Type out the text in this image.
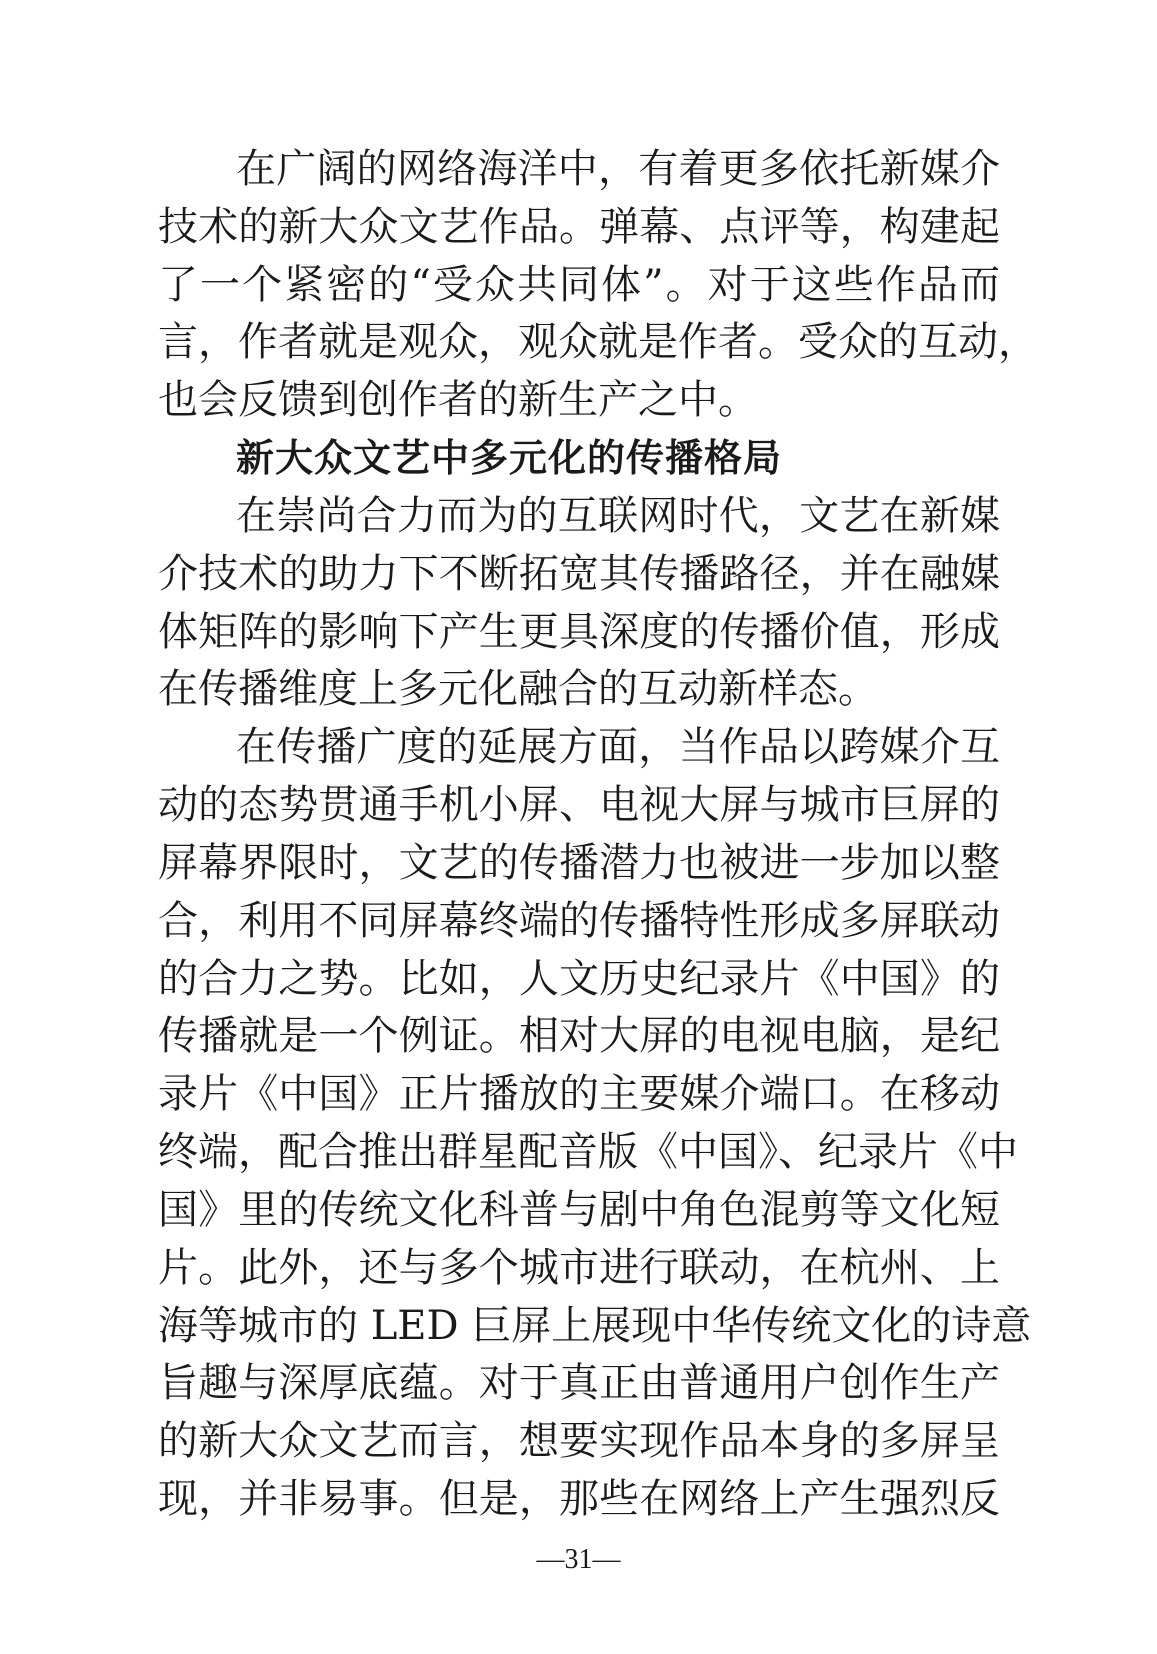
在广阔的网络海洋中，有着更多依托新媒介
技术的新大众文艺作品。弹幕、点评等，构建起
了一个紧密的“受众共同体”。对于这些作品而
言，作者就是观众，观众就是作者。受众的互动，
也会反馈到创作者的新生产之中。
新大众文艺中多元化的传播格局
在崇尚合力而为的互联网时代，文艺在新媒
介技术的助力下不断拓宽其传播路径，并在融媒
体矩阵的影响下产生更具深度的传播价值，形成
在传播维度上多元化融合的互动新样态。
在传播广度的延展方面，当作品以跨媒介互
动的态势贯通手机小屏、电视大屏与城市巨屏的
屏幕界限时，文艺的传播潜力也被进一步加以整
合，利用不同屏幕终端的传播特性形成多屏联动
的合力之势。比如，人文历史纪录片《中国》的
传播就是一个例证。相对大屏的电视电脑，是纪
录片《中国》正片播放的主要媒介端口。在移动
终端，配合推出群星配音版《中国》、纪录片《中
国》里的传统文化科普与剧中角色混剪等文化短
片。此外，还与多个城市进行联动，在杭州、上
海等城市的 LED 巨屏上展现中华传统文化的诗意
旨趣与深厚底蕴。对于真正由普通用户创作生产
的新大众文艺而言，想要实现作品本身的多屏呈
现，并非易事。但是，那些在网络上产生强烈反
—31—
